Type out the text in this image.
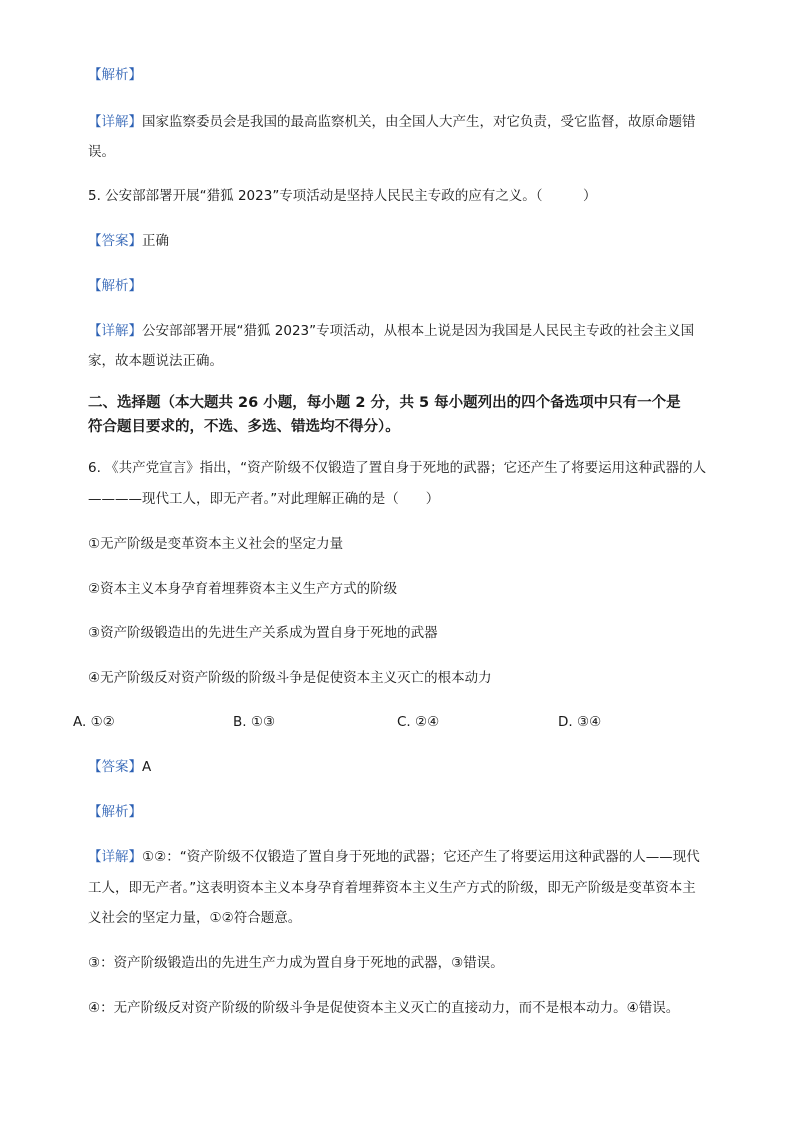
【解析】
【详解】国家监察委员会是我国的最高监察机关，由全国人大产生，对它负责，受它监督，故原命题错
误。
5. 公安部部署开展“猎狐 2023”专项活动是坚持人民民主专政的应有之义。（　　　）
【答案】正确
【解析】
【详解】公安部部署开展“猎狐 2023”专项活动，从根本上说是因为我国是人民民主专政的社会主义国
家，故本题说法正确。
二、选择题（本大题共 26 小题，每小题 2 分，共 5 每小题列出的四个备选项中只有一个是
符合题目要求的，不选、多选、错选均不得分）。
6. 《共产党宣言》指出，“资产阶级不仅锻造了置自身于死地的武器；它还产生了将要运用这种武器的人
————现代工人，即无产者。”对此理解正确的是（　　）
①无产阶级是变革资本主义社会的坚定力量
②资本主义本身孕育着埋葬资本主义生产方式的阶级
③资产阶级锻造出的先进生产关系成为置自身于死地的武器
④无产阶级反对资产阶级的阶级斗争是促使资本主义灭亡的根本动力
A. ①②	B. ①③	C. ②④	D. ③④
【答案】A
【解析】
【详解】①②：“资产阶级不仅锻造了置自身于死地的武器；它还产生了将要运用这种武器的人——现代
工人，即无产者。”这表明资本主义本身孕育着埋葬资本主义生产方式的阶级，即无产阶级是变革资本主
义社会的坚定力量，①②符合题意。
③：资产阶级锻造出的先进生产力成为置自身于死地的武器，③错误。
④：无产阶级反对资产阶级的阶级斗争是促使资本主义灭亡的直接动力，而不是根本动力。④错误。
